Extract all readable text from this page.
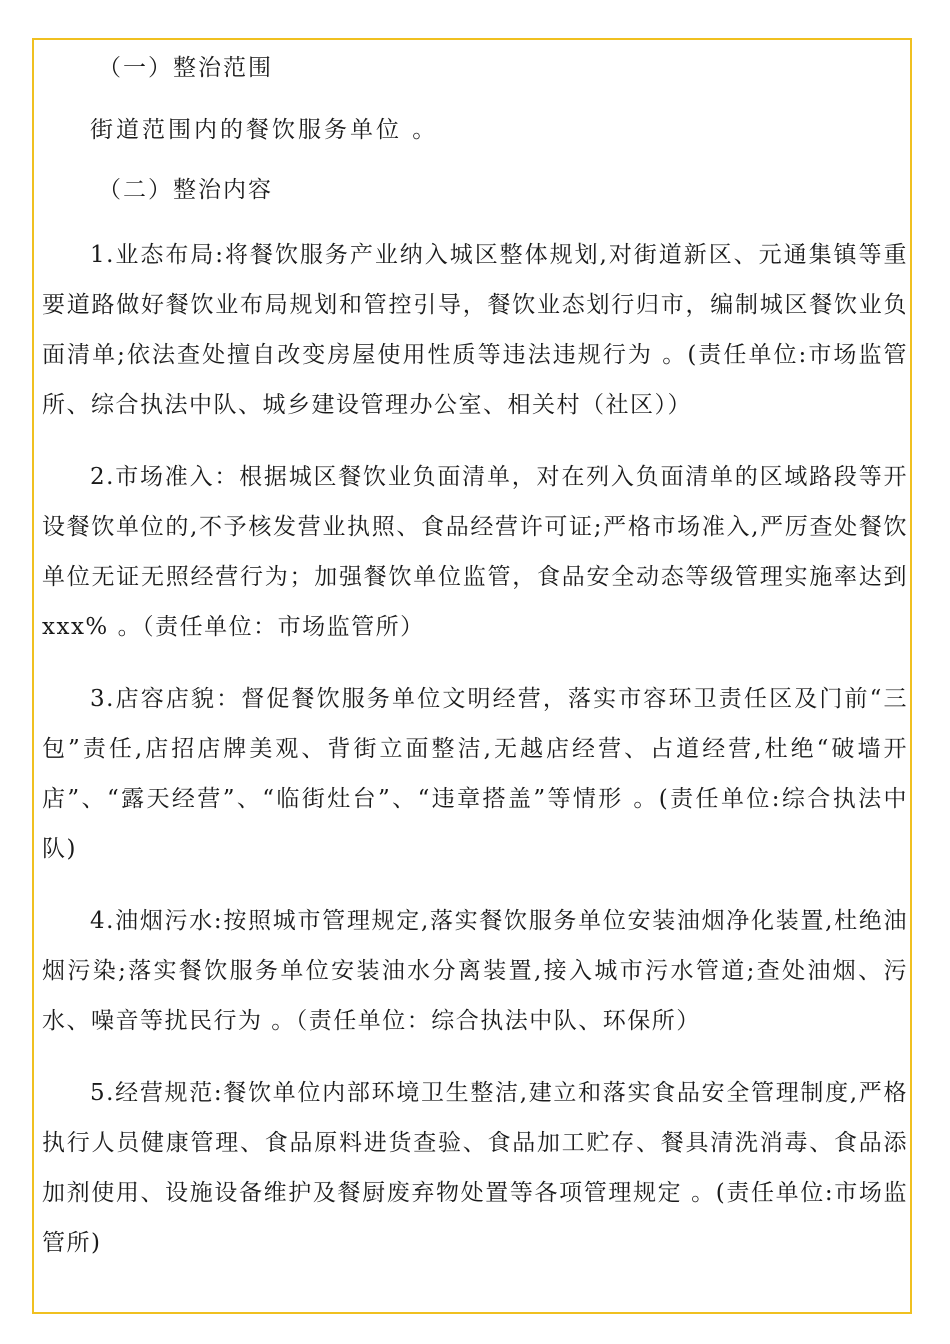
（一）整治范围

街道范围内的餐饮服务单位 。

（二）整治内容

1.业态布局:将餐饮服务产业纳入城区整体规划,对街道新区、元通集镇等重要道路做好餐饮业布局规划和管控引导，餐饮业态划行归市，编制城区餐饮业负面清单;依法查处擅自改变房屋使用性质等违法违规行为 。(责任单位:市场监管所、综合执法中队、城乡建设管理办公室、相关村（社区））

2.市场准入：根据城区餐饮业负面清单，对在列入负面清单的区域路段等开设餐饮单位的,不予核发营业执照、食品经营许可证;严格市场准入,严厉查处餐饮单位无证无照经营行为；加强餐饮单位监管，食品安全动态等级管理实施率达到xxx% 。（责任单位：市场监管所）

3.店容店貌：督促餐饮服务单位文明经营，落实市容环卫责任区及门前“三包”责任,店招店牌美观、背街立面整洁,无越店经营、占道经营,杜绝“破墙开店”、“露天经营”、“临街灶台”、“违章搭盖”等情形 。(责任单位:综合执法中队)

4.油烟污水:按照城市管理规定,落实餐饮服务单位安装油烟净化装置,杜绝油烟污染;落实餐饮服务单位安装油水分离装置,接入城市污水管道;查处油烟、污水、噪音等扰民行为 。（责任单位：综合执法中队、环保所）

5.经营规范:餐饮单位内部环境卫生整洁,建立和落实食品安全管理制度,严格执行人员健康管理、食品原料进货查验、食品加工贮存、餐具清洗消毒、食品添加剂使用、设施设备维护及餐厨废弃物处置等各项管理规定 。(责任单位:市场监管所)
